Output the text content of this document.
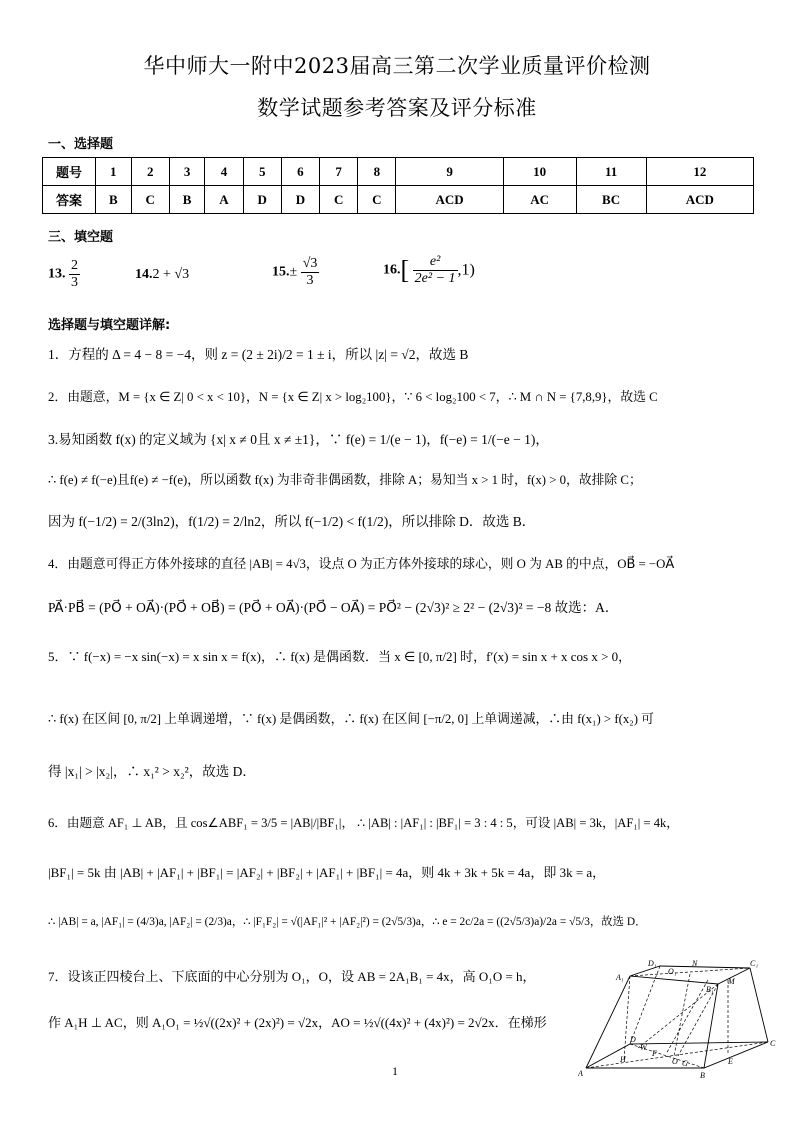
华中师大一附中2023届高三第二次学业质量评价检测
数学试题参考答案及评分标准
一、选择题
题号	1	2	3	4	5	6	7	8	9	10	11	12
答案	B	C	B	A	D	D	C	C	ACD	AC	BC	ACD
三、填空题
13. $\frac{2}{3}$	14.2 + √3	$15.\pm \frac{√3}{3}$	$16.[ \frac{\text{e²}}{\text{2e² − 1}} ,1)$
选择题与填空题详解:
1．方程的 Δ = 4 − 8 = −4，则 z = (2 ± 2i)/2 = 1 ± i，所以 |z| = √2，故选 B
2．由题意，M = {x ∈ Z| 0 < x < 10}，N = {x ∈ Z| x > log₂100}，∵ 6 < log₂100 < 7，∴ M ∩ N = {7,8,9}，故选 C
3.易知函数 f(x) 的定义域为 {x| x ≠ 0且 x ≠ ±1}，∵ f(e) = 1/(e − 1)，f(−e) = 1/(−e − 1)，
∴ f(e) ≠ f(−e)且f(e) ≠ −f(e)，所以函数 f(x) 为非奇非偶函数，排除 A；易知当 x > 1 时，f(x) > 0，故排除 C；
因为 f(−1/2) = 2/(3ln2)，f(1/2) = 2/ln2，所以 f(−1/2) < f(1/2)，所以排除 D．故选 B．
4．由题意可得正方体外接球的直径 |AB| = 4√3，设点 O 为正方体外接球的球心，则 O 为 AB 的中点，OB⃗ = −OA⃗
PA⃗·PB⃗ = (PO⃗ + OA⃗)·(PO⃗ + OB⃗) = (PO⃗ + OA⃗)·(PO⃗ − OA⃗) = PO⃗² − (2√3)² ≥ 2² − (2√3)² = −8 故选：A．
5．∵ f(−x) = −x sin(−x) = x sin x = f(x)，∴ f(x) 是偶函数．当 x ∈ [0, π/2] 时，f′(x) = sin x + x cos x > 0，
∴ f(x) 在区间 [0, π/2] 上单调递增，∵ f(x) 是偶函数，∴ f(x) 在区间 [−π/2, 0] 上单调递减，∴由 f(x₁) > f(x₂) 可
得 |x₁| > |x₂|，∴ x₁² > x₂²，故选 D．
6．由题意 AF₁ ⊥ AB，且 cos∠ABF₁ = 3/5 = |AB|/|BF₁|， ∴ |AB| : |AF₁| : |BF₁| = 3 : 4 : 5，可设 |AB| = 3k，|AF₁| = 4k，
|BF₁| = 5k 由 |AB| + |AF₁| + |BF₁| = |AF₂| + |BF₂| + |AF₁| + |BF₁| = 4a，则 4k + 3k + 5k = 4a，即 3k = a，
∴ |AB| = a, |AF₁| = (4/3)a, |AF₂| = (2/3)a，∴ |F₁F₂| = √(|AF₁|² + |AF₂|²) = (2√5/3)a，∴ e = 2c/2a = ((2√5/3)a)/2a = √5/3，故选 D．
7．设该正四棱台上、下底面的中心分别为 O₁，O，设 AB = 2A₁B₁ = 4x，高 O₁O = h，
作 A₁H ⊥ AC，则 A₁O₁ = ½√((2x)² + (2x)²) = √2x，AO = ½√((4x)² + (4x)²) = 2√2x．在梯形
D₁
O₁
N	C₁
A₁	M
B₁
D
O
C
H
F
G	E
A	B
W
1
